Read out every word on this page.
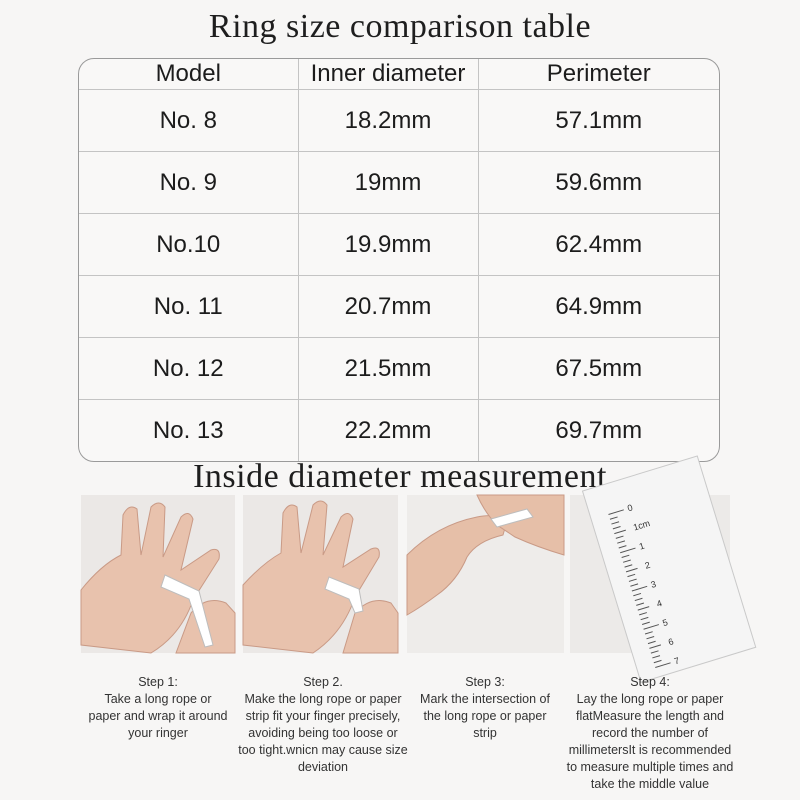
Ring size comparison table
Model	Inner diameter	Perimeter
No. 8	18.2mm	57.1mm
No. 9	19mm	59.6mm
No.10	19.9mm	62.4mm
No. 11	20.7mm	64.9mm
No. 12	21.5mm	67.5mm
No. 13	22.2mm	69.7mm
Inside diameter measurement
0
1cm
1
2
3
4
5
6
7
Step 1:
Take a long rope or paper and wrap it around your ringer
Step 2.
Make the long rope or paper strip fit your finger precisely, avoiding being too loose or too tight.wnicn may cause size deviation
Step 3:
Mark the intersection of the long rope or paper strip
Step 4:
Lay the long rope or paper flatMeasure the length and record the number of millimetersIt is recommended to measure multiple times and take the middle value
